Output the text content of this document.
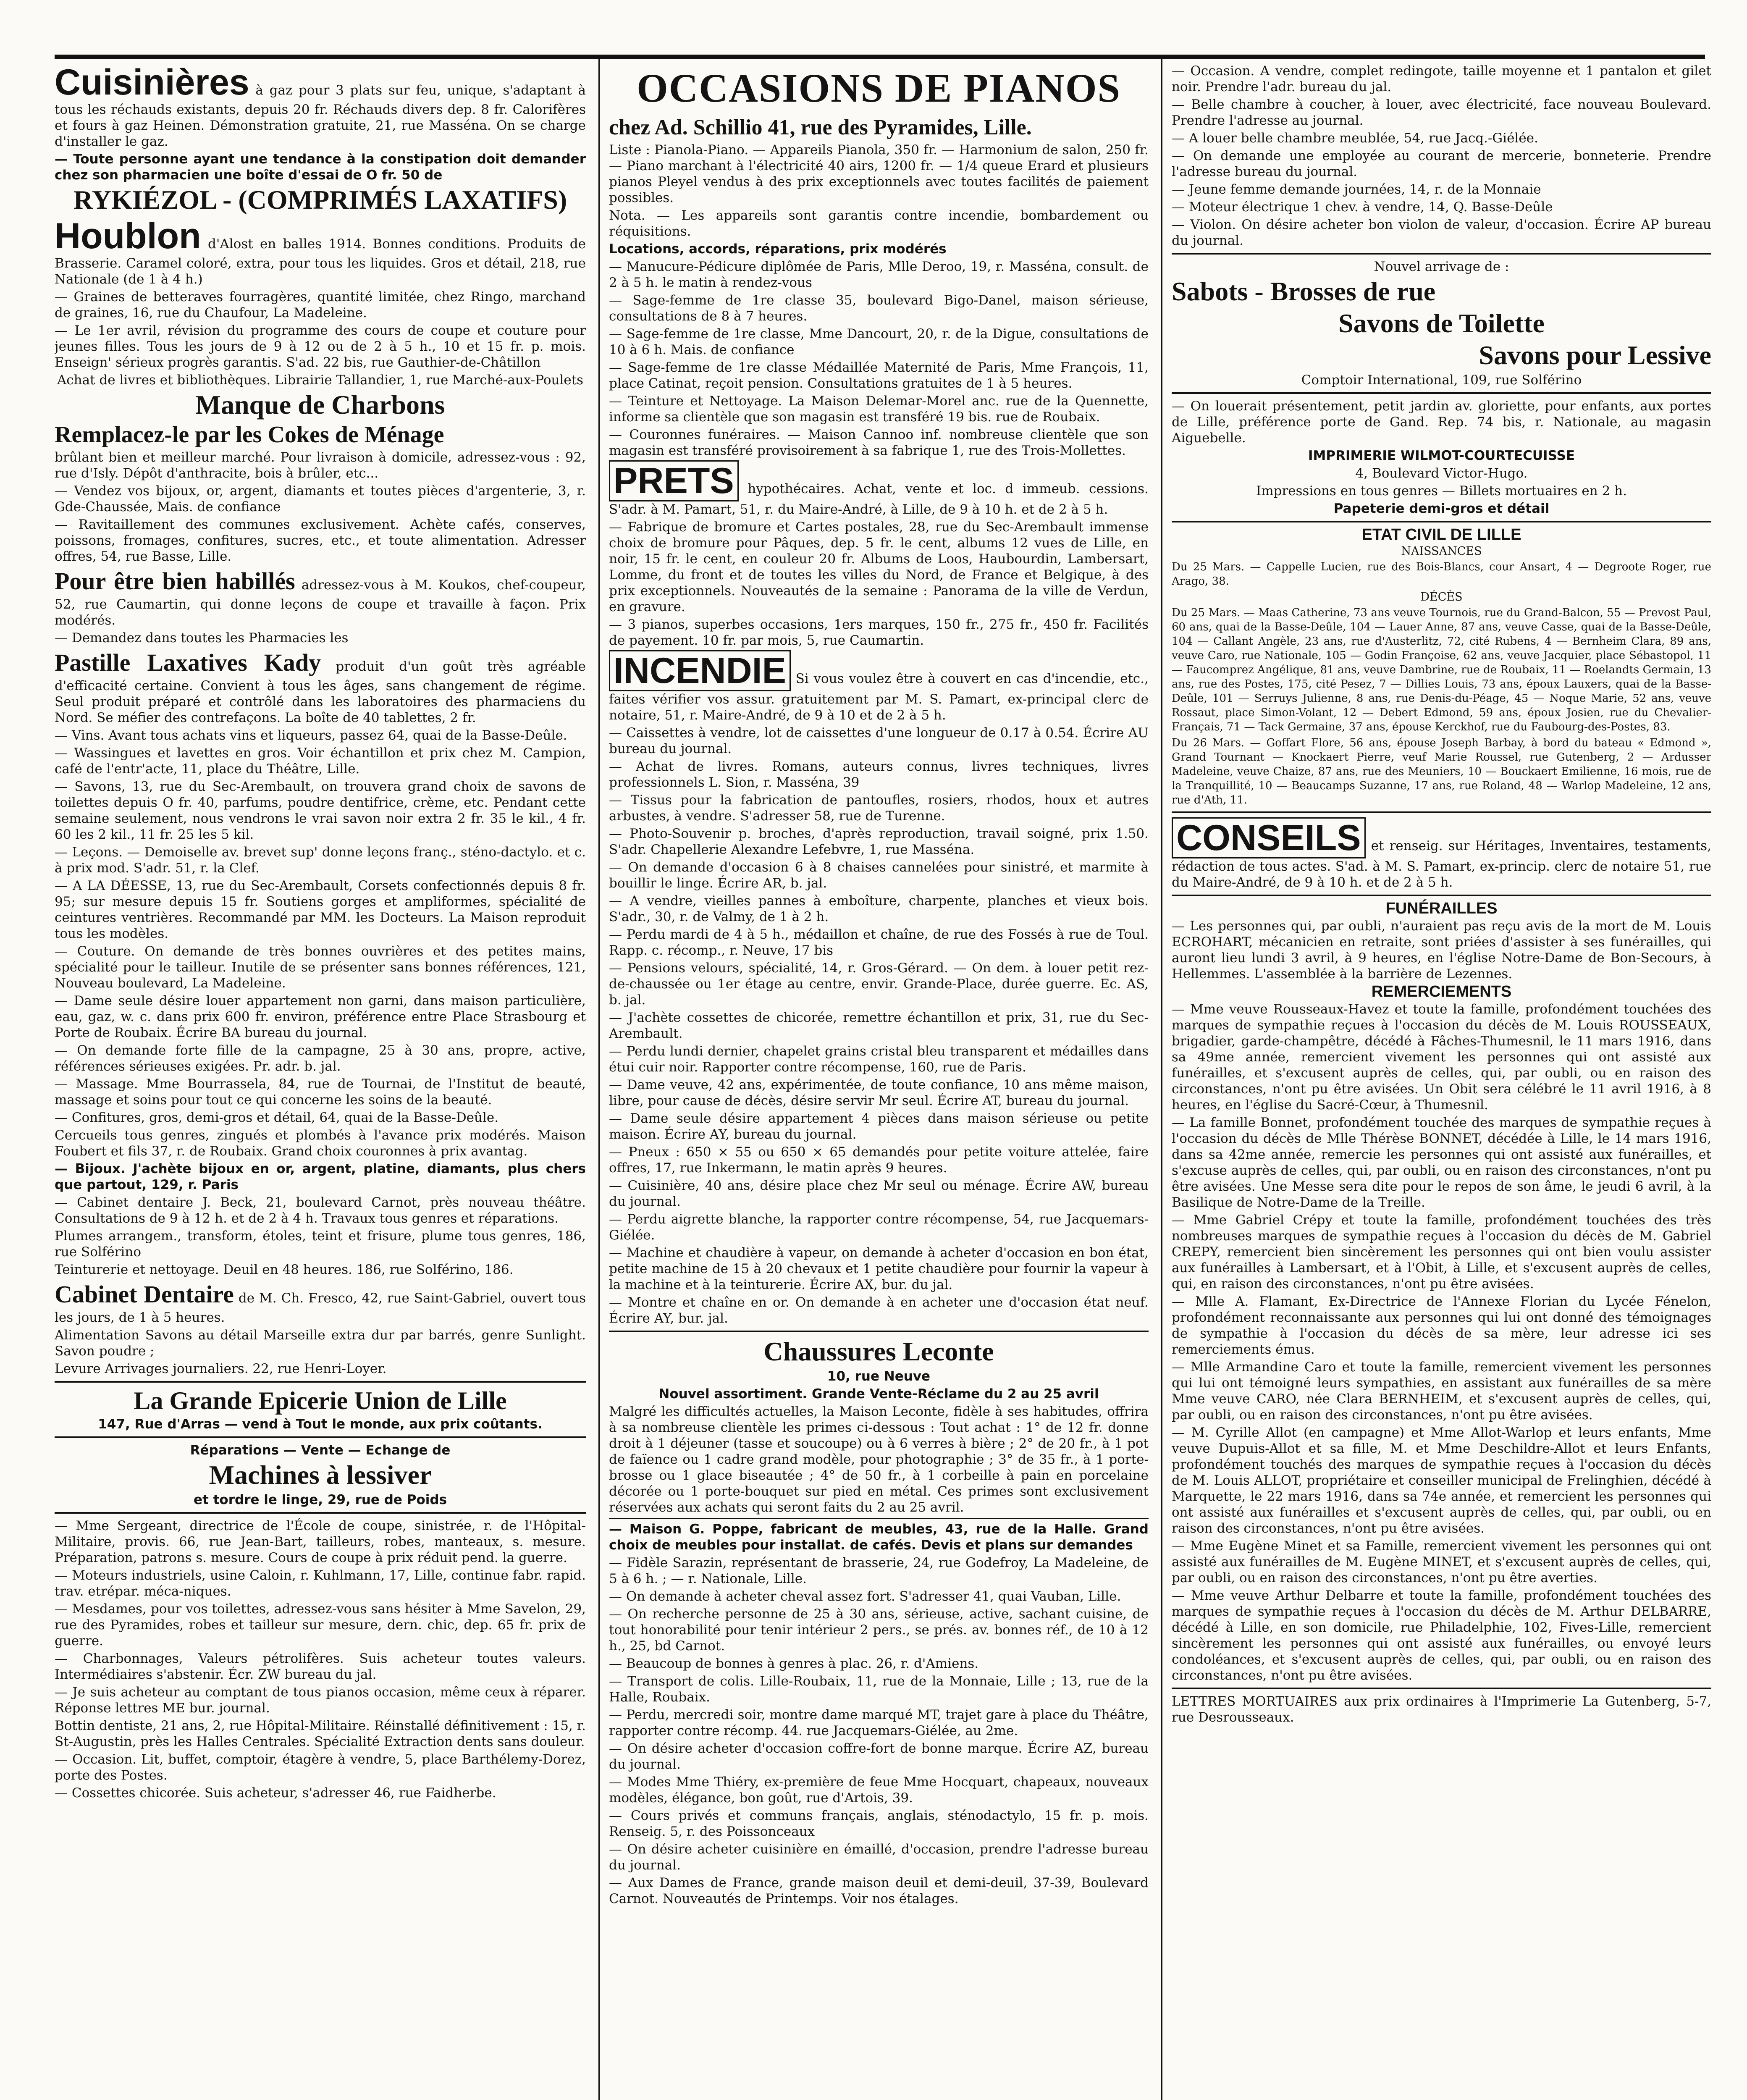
Cuisinières à gaz pour 3 plats sur feu, unique, s'adaptant à tous les réchauds existants, depuis 20 fr. Réchauds divers dep. 8 fr. Calorifères et fours à gaz Heinen. Démonstration gratuite, 21, rue Masséna. On se charge d'installer le gaz.

— Toute personne ayant une tendance à la constipation doit demander chez son pharmacien une boîte d'essai de O fr. 50 de

RYKIÉZOL - (COMPRIMÉS LAXATIFS)

Houblon d'Alost en balles 1914. Bonnes conditions. Produits de Brasserie. Caramel coloré, extra, pour tous les liquides. Gros et détail, 218, rue Nationale (de 1 à 4 h.)

— Graines de betteraves fourragères, quantité limitée, chez Ringo, marchand de graines, 16, rue du Chaufour, La Madeleine.

— Le 1er avril, révision du programme des cours de coupe et couture pour jeunes filles. Tous les jours de 9 à 12 ou de 2 à 5 h., 10 et 15 fr. p. mois. Enseign' sérieux progrès garantis. S'ad. 22 bis, rue Gauthier-de-Châtillon

Achat de livres et bibliothèques. Librairie Tallandier, 1, rue Marché-aux-Poulets

Manque de Charbons

Remplacez-le par les Cokes de Ménage

brûlant bien et meilleur marché. Pour livraison à domicile, adressez-vous : 92, rue d'Isly. Dépôt d'anthracite, bois à brûler, etc...

— Vendez vos bijoux, or, argent, diamants et toutes pièces d'argenterie, 3, r. Gde-Chaussée, Mais. de confiance

— Ravitaillement des communes exclusivement. Achète cafés, conserves, poissons, fromages, confitures, sucres, etc., et toute alimentation. Adresser offres, 54, rue Basse, Lille.

Pour être bien habillés adressez-vous à M. Koukos, chef-coupeur, 52, rue Caumartin, qui donne leçons de coupe et travaille à façon. Prix modérés.

— Demandez dans toutes les Pharmacies les

Pastille Laxatives Kady produit d'un goût très agréable d'efficacité certaine. Convient à tous les âges, sans changement de régime. Seul produit préparé et contrôlé dans les laboratoires des pharmaciens du Nord. Se méfier des contrefaçons. La boîte de 40 tablettes, 2 fr.

— Vins. Avant tous achats vins et liqueurs, passez 64, quai de la Basse-Deûle.

— Wassingues et lavettes en gros. Voir échantillon et prix chez M. Campion, café de l'entr'acte, 11, place du Théâtre, Lille.

— Savons, 13, rue du Sec-Arembault, on trouvera grand choix de savons de toilettes depuis O fr. 40, parfums, poudre dentifrice, crème, etc. Pendant cette semaine seulement, nous vendrons le vrai savon noir extra 2 fr. 35 le kil., 4 fr. 60 les 2 kil., 11 fr. 25 les 5 kil.

— Leçons. — Demoiselle av. brevet sup' donne leçons franç., sténo-dactylo. et c. à prix mod. S'adr. 51, r. la Clef.

— A LA DÉESSE, 13, rue du Sec-Arembault, Corsets confectionnés depuis 8 fr. 95; sur mesure depuis 15 fr. Soutiens gorges et ampliformes, spécialité de ceintures ventrières. Recommandé par MM. les Docteurs. La Maison reproduit tous les modèles.

— Couture. On demande de très bonnes ouvrières et des petites mains, spécialité pour le tailleur. Inutile de se présenter sans bonnes références, 121, Nouveau boulevard, La Madeleine.

— Dame seule désire louer appartement non garni, dans maison particulière, eau, gaz, w. c. dans prix 600 fr. environ, préférence entre Place Strasbourg et Porte de Roubaix. Écrire BA bureau du journal.

— On demande forte fille de la campagne, 25 à 30 ans, propre, active, références sérieuses exigées. Pr. adr. b. jal.

— Massage. Mme Bourrassela, 84, rue de Tournai, de l'Institut de beauté, massage et soins pour tout ce qui concerne les soins de la beauté.

— Confitures, gros, demi-gros et détail, 64, quai de la Basse-Deûle.

Cercueils tous genres, zingués et plombés à l'avance prix modérés. Maison Foubert et fils 37, r. de Roubaix. Grand choix couronnes à prix avantag.

— Bijoux. J'achète bijoux en or, argent, platine, diamants, plus chers que partout, 129, r. Paris

— Cabinet dentaire J. Beck, 21, boulevard Carnot, près nouveau théâtre. Consultations de 9 à 12 h. et de 2 à 4 h. Travaux tous genres et réparations.

Plumes arrangem., transform, étoles, teint et frisure, plume tous genres, 186, rue Solférino

Teinturerie et nettoyage. Deuil en 48 heures. 186, rue Solférino, 186.

Cabinet Dentaire de M. Ch. Fresco, 42, rue Saint-Gabriel, ouvert tous les jours, de 1 à 5 heures.

Alimentation Savons au détail Marseille extra dur par barrés, genre Sunlight. Savon poudre ;

Levure Arrivages journaliers. 22, rue Henri-Loyer.

La Grande Epicerie Union de Lille

147, Rue d'Arras — vend à Tout le monde, aux prix coûtants.

Réparations — Vente — Echange de

Machines à lessiver

et tordre le linge, 29, rue de Poids

— Mme Sergeant, directrice de l'École de coupe, sinistrée, r. de l'Hôpital-Militaire, provis. 66, rue Jean-Bart, tailleurs, robes, manteaux, s. mesure. Préparation, patrons s. mesure. Cours de coupe à prix réduit pend. la guerre.

— Moteurs industriels, usine Caloin, r. Kuhlmann, 17, Lille, continue fabr. rapid. trav. etrépar. méca-niques.

— Mesdames, pour vos toilettes, adressez-vous sans hésiter à Mme Savelon, 29, rue des Pyramides, robes et tailleur sur mesure, dern. chic, dep. 65 fr. prix de guerre.

— Charbonnages, Valeurs pétrolifères. Suis acheteur toutes valeurs. Intermédiaires s'abstenir. Écr. ZW bureau du jal.

— Je suis acheteur au comptant de tous pianos occasion, même ceux à réparer. Réponse lettres ME bur. journal.

Bottin dentiste, 21 ans, 2, rue Hôpital-Militaire. Réinstallé définitivement : 15, r. St-Augustin, près les Halles Centrales. Spécialité Extraction dents sans douleur.

— Occasion. Lit, buffet, comptoir, étagère à vendre, 5, place Barthélemy-Dorez, porte des Postes.

— Cossettes chicorée. Suis acheteur, s'adresser 46, rue Faidherbe.

OCCASIONS DE PIANOS

chez Ad. Schillio 41, rue des Pyramides, Lille.

Liste : Pianola-Piano. — Appareils Pianola, 350 fr. — Harmonium de salon, 250 fr. — Piano marchant à l'électricité 40 airs, 1200 fr. — 1/4 queue Erard et plusieurs pianos Pleyel vendus à des prix exceptionnels avec toutes facilités de paiement possibles.

Nota. — Les appareils sont garantis contre incendie, bombardement ou réquisitions.

Locations, accords, réparations, prix modérés

— Manucure-Pédicure diplômée de Paris, Mlle Deroo, 19, r. Masséna, consult. de 2 à 5 h. le matin à rendez-vous

— Sage-femme de 1re classe 35, boulevard Bigo-Danel, maison sérieuse, consultations de 8 à 7 heures.

— Sage-femme de 1re classe, Mme Dancourt, 20, r. de la Digue, consultations de 10 à 6 h. Mais. de confiance

— Sage-femme de 1re classe Médaillée Maternité de Paris, Mme François, 11, place Catinat, reçoit pension. Consultations gratuites de 1 à 5 heures.

— Teinture et Nettoyage. La Maison Delemar-Morel anc. rue de la Quennette, informe sa clientèle que son magasin est transféré 19 bis. rue de Roubaix.

— Couronnes funéraires. — Maison Cannoo inf. nombreuse clientèle que son magasin est transféré provisoirement à sa fabrique 1, rue des Trois-Mollettes.

PRETS hypothécaires. Achat, vente et loc. d immeub. cessions. S'adr. à M. Pamart, 51, r. du Maire-André, à Lille, de 9 à 10 h. et de 2 à 5 h.

— Fabrique de bromure et Cartes postales, 28, rue du Sec-Arembault immense choix de bromure pour Pâques, dep. 5 fr. le cent, albums 12 vues de Lille, en noir, 15 fr. le cent, en couleur 20 fr. Albums de Loos, Haubourdin, Lambersart, Lomme, du front et de toutes les villes du Nord, de France et Belgique, à des prix exceptionnels. Nouveautés de la semaine : Panorama de la ville de Verdun, en gravure.

— 3 pianos, superbes occasions, 1ers marques, 150 fr., 275 fr., 450 fr. Facilités de payement. 10 fr. par mois, 5, rue Caumartin.

INCENDIE Si vous voulez être à couvert en cas d'incendie, etc., faites vérifier vos assur. gratuitement par M. S. Pamart, ex-principal clerc de notaire, 51, r. Maire-André, de 9 à 10 et de 2 à 5 h.

— Caissettes à vendre, lot de caissettes d'une longueur de 0.17 à 0.54. Écrire AU bureau du journal.

— Achat de livres. Romans, auteurs connus, livres techniques, livres professionnels L. Sion, r. Masséna, 39

— Tissus pour la fabrication de pantoufles, rosiers, rhodos, houx et autres arbustes, à vendre. S'adresser 58, rue de Turenne.

— Photo-Souvenir p. broches, d'après reproduction, travail soigné, prix 1.50. S'adr. Chapellerie Alexandre Lefebvre, 1, rue Masséna.

— On demande d'occasion 6 à 8 chaises cannelées pour sinistré, et marmite à bouillir le linge. Écrire AR, b. jal.

— A vendre, vieilles pannes à emboîture, charpente, planches et vieux bois. S'adr., 30, r. de Valmy, de 1 à 2 h.

— Perdu mardi de 4 à 5 h., médaillon et chaîne, de rue des Fossés à rue de Toul. Rapp. c. récomp., r. Neuve, 17 bis

— Pensions velours, spécialité, 14, r. Gros-Gérard. — On dem. à louer petit rez-de-chaussée ou 1er étage au centre, envir. Grande-Place, durée guerre. Ec. AS, b. jal.

— J'achète cossettes de chicorée, remettre échantillon et prix, 31, rue du Sec-Arembault.

— Perdu lundi dernier, chapelet grains cristal bleu transparent et médailles dans étui cuir noir. Rapporter contre récompense, 160, rue de Paris.

— Dame veuve, 42 ans, expérimentée, de toute confiance, 10 ans même maison, libre, pour cause de décès, désire servir Mr seul. Écrire AT, bureau du journal.

— Dame seule désire appartement 4 pièces dans maison sérieuse ou petite maison. Écrire AY, bureau du journal.

— Pneux : 650 × 55 ou 650 × 65 demandés pour petite voiture attelée, faire offres, 17, rue Inkermann, le matin après 9 heures.

— Cuisinière, 40 ans, désire place chez Mr seul ou ménage. Écrire AW, bureau du journal.

— Perdu aigrette blanche, la rapporter contre récompense, 54, rue Jacquemars-Giélée.

— Machine et chaudière à vapeur, on demande à acheter d'occasion en bon état, petite machine de 15 à 20 chevaux et 1 petite chaudière pour fournir la vapeur à la machine et à la teinturerie. Écrire AX, bur. du jal.

— Montre et chaîne en or. On demande à en acheter une d'occasion état neuf. Écrire AY, bur. jal.

Chaussures Leconte

10, rue Neuve

Nouvel assortiment. Grande Vente-Réclame du 2 au 25 avril

Malgré les difficultés actuelles, la Maison Leconte, fidèle à ses habitudes, offrira à sa nombreuse clientèle les primes ci-dessous : Tout achat : 1° de 12 fr. donne droit à 1 déjeuner (tasse et soucoupe) ou à 6 verres à bière ; 2° de 20 fr., à 1 pot de faïence ou 1 cadre grand modèle, pour photographie ; 3° de 35 fr., à 1 porte-brosse ou 1 glace biseautée ; 4° de 50 fr., à 1 corbeille à pain en porcelaine décorée ou 1 porte-bouquet sur pied en métal. Ces primes sont exclusivement réservées aux achats qui seront faits du 2 au 25 avril.

— Maison G. Poppe, fabricant de meubles, 43, rue de la Halle. Grand choix de meubles pour installat. de cafés. Devis et plans sur demandes

— Fidèle Sarazin, représentant de brasserie, 24, rue Godefroy, La Madeleine, de 5 à 6 h. ; — r. Nationale, Lille.

— On demande à acheter cheval assez fort. S'adresser 41, quai Vauban, Lille.

— On recherche personne de 25 à 30 ans, sérieuse, active, sachant cuisine, de tout honorabilité pour tenir intérieur 2 pers., se prés. av. bonnes réf., de 10 à 12 h., 25, bd Carnot.

— Beaucoup de bonnes à genres à plac. 26, r. d'Amiens.

— Transport de colis. Lille-Roubaix, 11, rue de la Monnaie, Lille ; 13, rue de la Halle, Roubaix.

— Perdu, mercredi soir, montre dame marqué MT, trajet gare à place du Théâtre, rapporter contre récomp. 44. rue Jacquemars-Giélée, au 2me.

— On désire acheter d'occasion coffre-fort de bonne marque. Écrire AZ, bureau du journal.

— Modes Mme Thiéry, ex-première de feue Mme Hocquart, chapeaux, nouveaux modèles, élégance, bon goût, rue d'Artois, 39.

— Cours privés et communs français, anglais, sténodactylo, 15 fr. p. mois. Renseig. 5, r. des Poissonceaux

— On désire acheter cuisinière en émaillé, d'occasion, prendre l'adresse bureau du journal.

— Aux Dames de France, grande maison deuil et demi-deuil, 37-39, Boulevard Carnot. Nouveautés de Printemps. Voir nos étalages.

— Occasion. A vendre, complet redingote, taille moyenne et 1 pantalon et gilet noir. Prendre l'adr. bureau du jal.

— Belle chambre à coucher, à louer, avec électricité, face nouveau Boulevard. Prendre l'adresse au journal.

— A louer belle chambre meublée, 54, rue Jacq.-Giélée.

— On demande une employée au courant de mercerie, bonneterie. Prendre l'adresse bureau du journal.

— Jeune femme demande journées, 14, r. de la Monnaie

— Moteur électrique 1 chev. à vendre, 14, Q. Basse-Deûle

— Violon. On désire acheter bon violon de valeur, d'occasion. Écrire AP bureau du journal.

Nouvel arrivage de :

Sabots - Brosses de rue

Savons de Toilette

Savons pour Lessive

Comptoir International, 109, rue Solférino

— On louerait présentement, petit jardin av. gloriette, pour enfants, aux portes de Lille, préférence porte de Gand. Rep. 74 bis, r. Nationale, au magasin Aiguebelle.

IMPRIMERIE WILMOT-COURTECUISSE

4, Boulevard Victor-Hugo.

Impressions en tous genres — Billets mortuaires en 2 h.

Papeterie demi-gros et détail

ETAT CIVIL DE LILLE

NAISSANCES

Du 25 Mars. — Cappelle Lucien, rue des Bois-Blancs, cour Ansart, 4 — Degroote Roger, rue Arago, 38.

DÉCÈS

Du 25 Mars. — Maas Catherine, 73 ans veuve Tournois, rue du Grand-Balcon, 55 — Prevost Paul, 60 ans, quai de la Basse-Deûle, 104 — Lauer Anne, 87 ans, veuve Casse, quai de la Basse-Deûle, 104 — Callant Angèle, 23 ans, rue d'Austerlitz, 72, cité Rubens, 4 — Bernheim Clara, 89 ans, veuve Caro, rue Nationale, 105 — Godin Françoise, 62 ans, veuve Jacquier, place Sébastopol, 11 — Faucomprez Angélique, 81 ans, veuve Dambrine, rue de Roubaix, 11 — Roelandts Germain, 13 ans, rue des Postes, 175, cité Pesez, 7 — Dillies Louis, 73 ans, époux Lauxers, quai de la Basse-Deûle, 101 — Serruys Julienne, 8 ans, rue Denis-du-Péage, 45 — Noque Marie, 52 ans, veuve Rossaut, place Simon-Volant, 12 — Debert Edmond, 59 ans, époux Josien, rue du Chevalier-Français, 71 — Tack Germaine, 37 ans, épouse Kerckhof, rue du Faubourg-des-Postes, 83.

Du 26 Mars. — Goffart Flore, 56 ans, épouse Joseph Barbay, à bord du bateau « Edmond », Grand Tournant — Knockaert Pierre, veuf Marie Roussel, rue Gutenberg, 2 — Ardusser Madeleine, veuve Chaize, 87 ans, rue des Meuniers, 10 — Bouckaert Emilienne, 16 mois, rue de la Tranquillité, 10 — Beaucamps Suzanne, 17 ans, rue Roland, 48 — Warlop Madeleine, 12 ans, rue d'Ath, 11.

CONSEILS et renseig. sur Héritages, Inventaires, testaments, rédaction de tous actes. S'ad. à M. S. Pamart, ex-princip. clerc de notaire 51, rue du Maire-André, de 9 à 10 h. et de 2 à 5 h.

FUNÉRAILLES

— Les personnes qui, par oubli, n'auraient pas reçu avis de la mort de M. Louis ECROHART, mécanicien en retraite, sont priées d'assister à ses funérailles, qui auront lieu lundi 3 avril, à 9 heures, en l'église Notre-Dame de Bon-Secours, à Hellemmes. L'assemblée à la barrière de Lezennes.

REMERCIEMENTS

— Mme veuve Rousseaux-Havez et toute la famille, profondément touchées des marques de sympathie reçues à l'occasion du décès de M. Louis ROUSSEAUX, brigadier, garde-champêtre, décédé à Fâches-Thumesnil, le 11 mars 1916, dans sa 49me année, remercient vivement les personnes qui ont assisté aux funérailles, et s'excusent auprès de celles, qui, par oubli, ou en raison des circonstances, n'ont pu être avisées. Un Obit sera célébré le 11 avril 1916, à 8 heures, en l'église du Sacré-Cœur, à Thumesnil.

— La famille Bonnet, profondément touchée des marques de sympathie reçues à l'occasion du décès de Mlle Thérèse BONNET, décédée à Lille, le 14 mars 1916, dans sa 42me année, remercie les personnes qui ont assisté aux funérailles, et s'excuse auprès de celles, qui, par oubli, ou en raison des circonstances, n'ont pu être avisées. Une Messe sera dite pour le repos de son âme, le jeudi 6 avril, à la Basilique de Notre-Dame de la Treille.

— Mme Gabriel Crépy et toute la famille, profondément touchées des très nombreuses marques de sympathie reçues à l'occasion du décès de M. Gabriel CREPY, remercient bien sincèrement les personnes qui ont bien voulu assister aux funérailles à Lambersart, et à l'Obit, à Lille, et s'excusent auprès de celles, qui, en raison des circonstances, n'ont pu être avisées.

— Mlle A. Flamant, Ex-Directrice de l'Annexe Florian du Lycée Fénelon, profondément reconnaissante aux personnes qui lui ont donné des témoignages de sympathie à l'occasion du décès de sa mère, leur adresse ici ses remerciements émus.

— Mlle Armandine Caro et toute la famille, remercient vivement les personnes qui lui ont témoigné leurs sympathies, en assistant aux funérailles de sa mère Mme veuve CARO, née Clara BERNHEIM, et s'excusent auprès de celles, qui, par oubli, ou en raison des circonstances, n'ont pu être avisées.

— M. Cyrille Allot (en campagne) et Mme Allot-Warlop et leurs enfants, Mme veuve Dupuis-Allot et sa fille, M. et Mme Deschildre-Allot et leurs Enfants, profondément touchés des marques de sympathie reçues à l'occasion du décès de M. Louis ALLOT, propriétaire et conseiller municipal de Frelinghien, décédé à Marquette, le 22 mars 1916, dans sa 74e année, et remercient les personnes qui ont assisté aux funérailles et s'excusent auprès de celles, qui, par oubli, ou en raison des circonstances, n'ont pu être avisées.

— Mme Eugène Minet et sa Famille, remercient vivement les personnes qui ont assisté aux funérailles de M. Eugène MINET, et s'excusent auprès de celles, qui, par oubli, ou en raison des circonstances, n'ont pu être averties.

— Mme veuve Arthur Delbarre et toute la famille, profondément touchées des marques de sympathie reçues à l'occasion du décès de M. Arthur DELBARRE, décédé à Lille, en son domicile, rue Philadelphie, 102, Fives-Lille, remercient sincèrement les personnes qui ont assisté aux funérailles, ou envoyé leurs condoléances, et s'excusent auprès de celles, qui, par oubli, ou en raison des circonstances, n'ont pu être avisées.

LETTRES MORTUAIRES aux prix ordinaires à l'Imprimerie La Gutenberg, 5-7, rue Desrousseaux.
